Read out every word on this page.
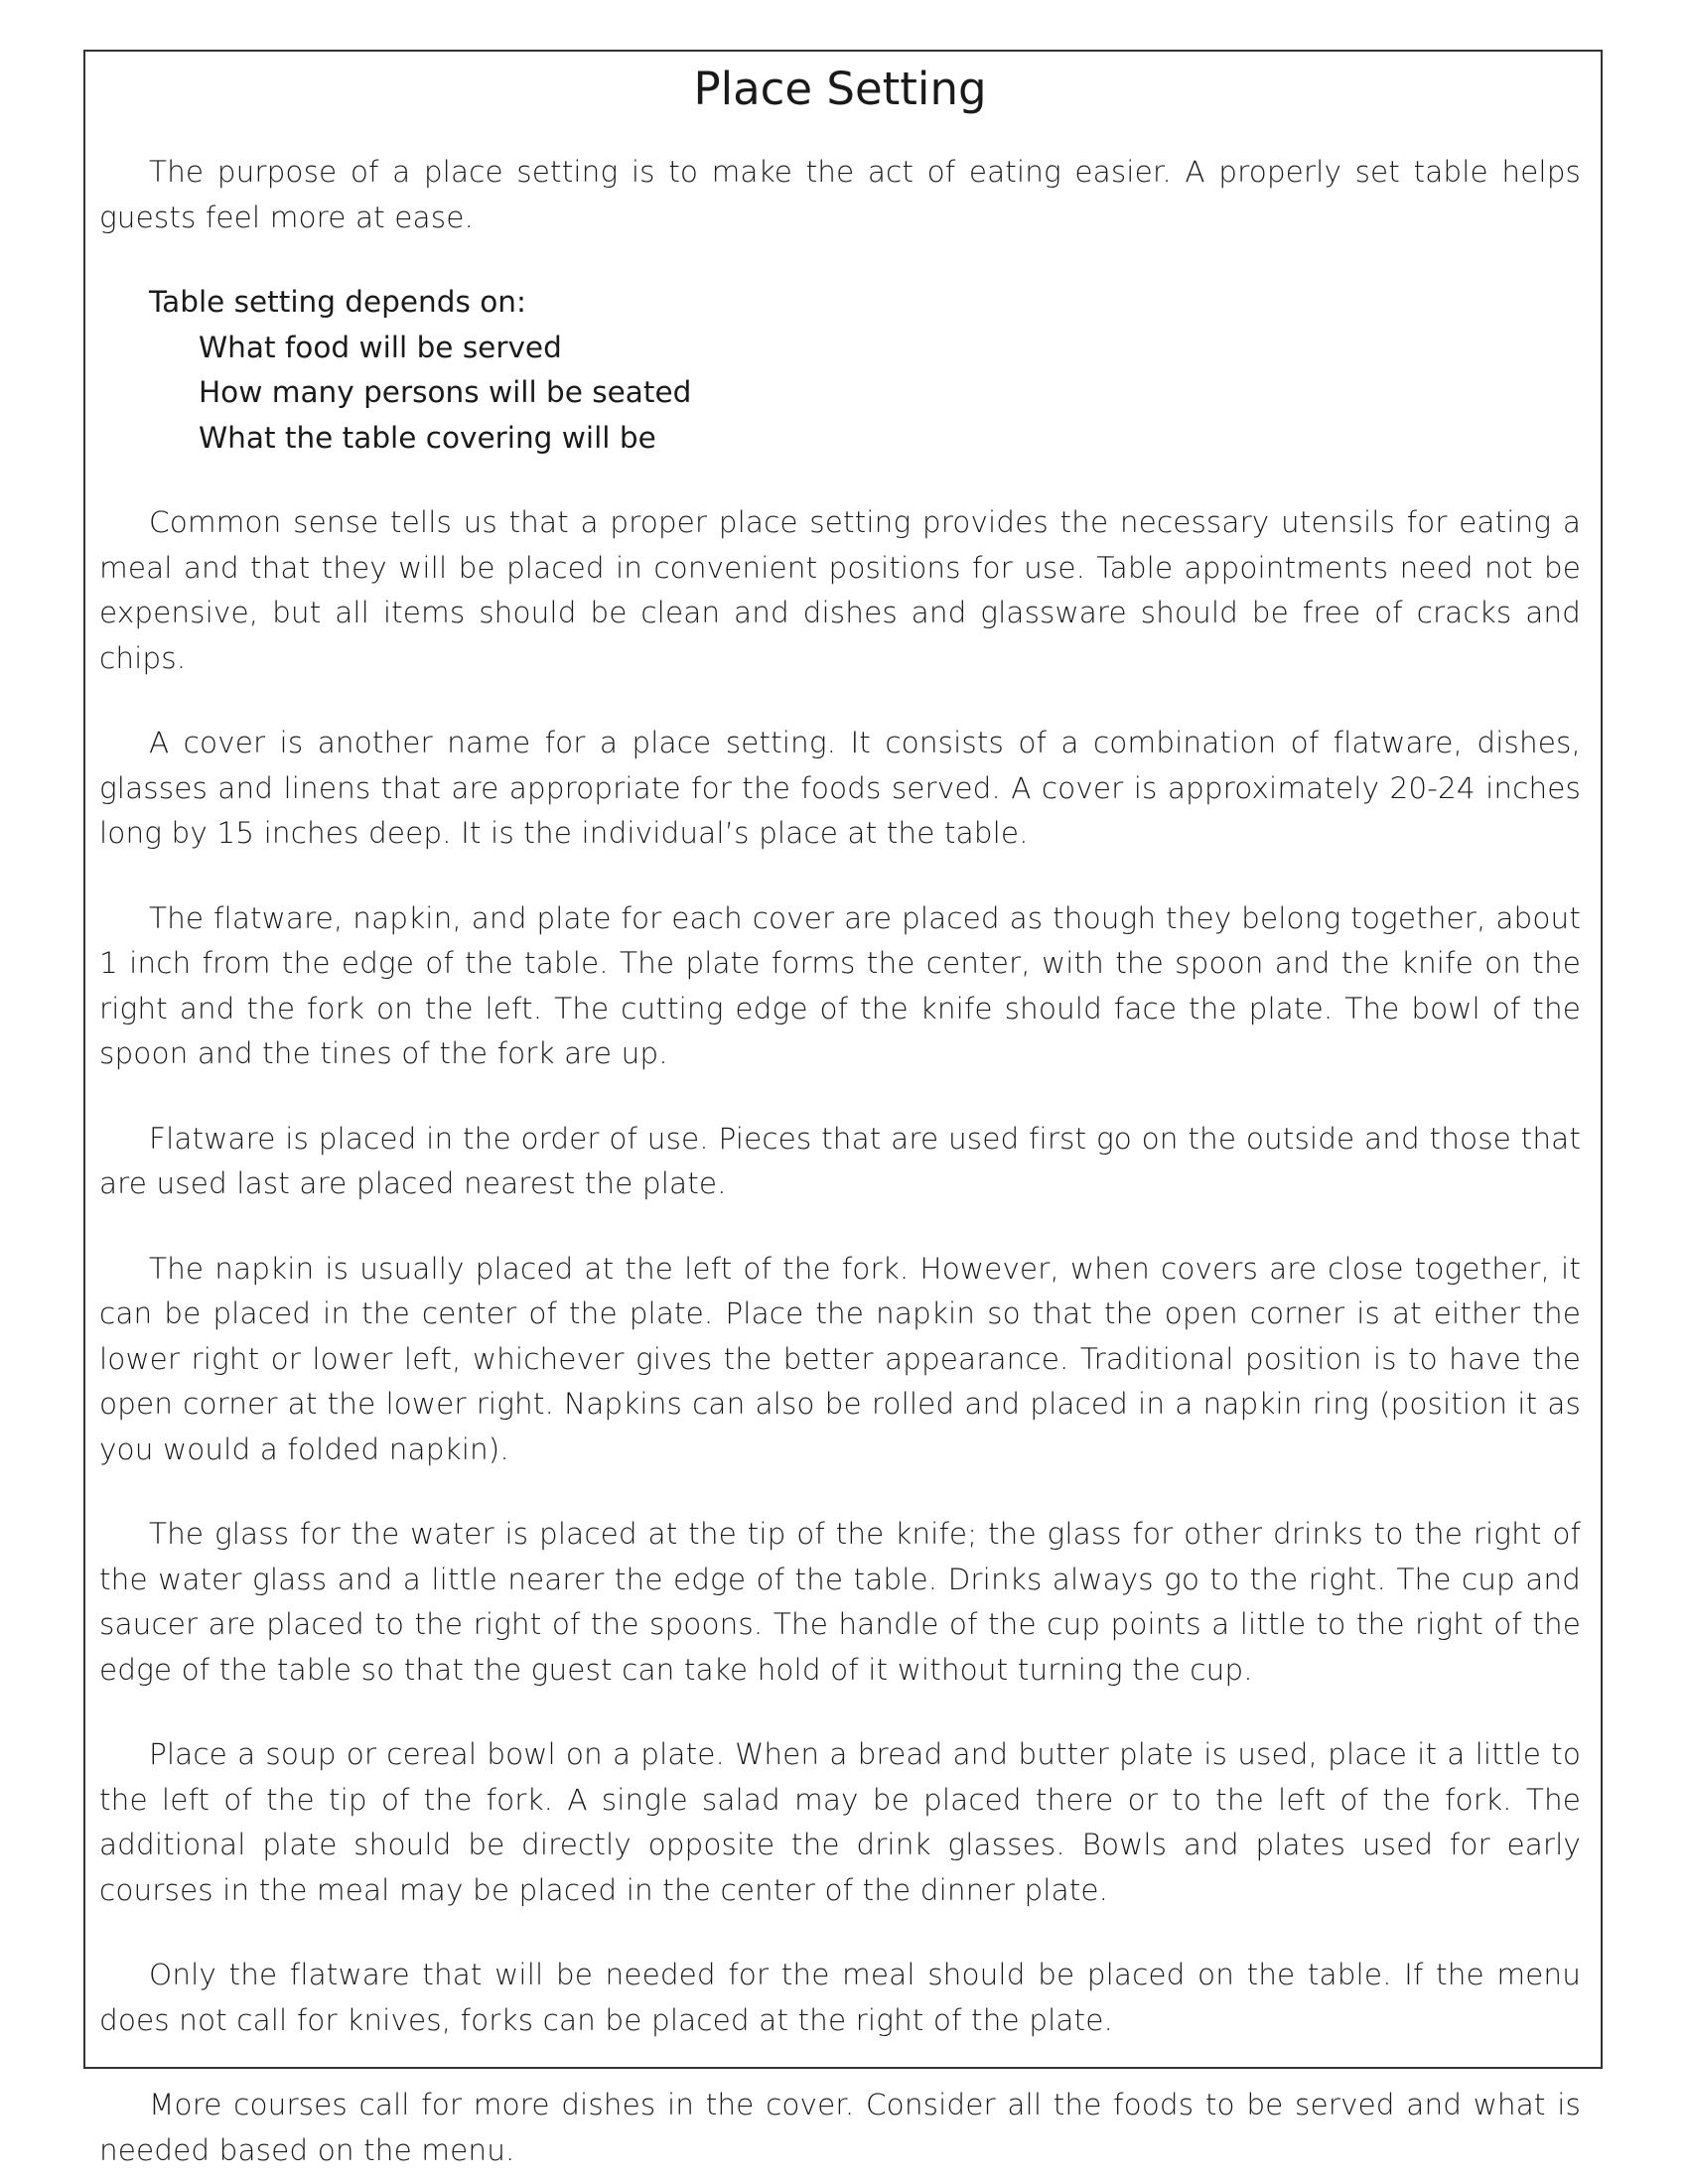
Place Setting

The purpose of a place setting is to make the act of eating easier. A properly set table helps guests feel more at ease.

Table setting depends on:
What food will be served
How many persons will be seated
What the table covering will be

Common sense tells us that a proper place setting provides the necessary utensils for eating a meal and that they will be placed in convenient positions for use. Table appointments need not be expensive, but all items should be clean and dishes and glassware should be free of cracks and chips.

A cover is another name for a place setting. It consists of a combination of flatware, dishes, glasses and linens that are appropriate for the foods served. A cover is approximately 20-24 inches long by 15 inches deep. It is the individual’s place at the table.

The flatware, napkin, and plate for each cover are placed as though they belong together, about 1 inch from the edge of the table. The plate forms the center, with the spoon and the knife on the right and the fork on the left. The cutting edge of the knife should face the plate. The bowl of the spoon and the tines of the fork are up.

Flatware is placed in the order of use. Pieces that are used first go on the outside and those that are used last are placed nearest the plate.

The napkin is usually placed at the left of the fork. However, when covers are close together, it can be placed in the center of the plate. Place the napkin so that the open corner is at either the lower right or lower left, whichever gives the better appearance. Traditional position is to have the open corner at the lower right. Napkins can also be rolled and placed in a napkin ring (position it as you would a folded napkin).

The glass for the water is placed at the tip of the knife; the glass for other drinks to the right of the water glass and a little nearer the edge of the table. Drinks always go to the right. The cup and saucer are placed to the right of the spoons. The handle of the cup points a little to the right of the edge of the table so that the guest can take hold of it without turning the cup.

Place a soup or cereal bowl on a plate. When a bread and butter plate is used, place it a little to the left of the tip of the fork. A single salad may be placed there or to the left of the fork. The additional plate should be directly opposite the drink glasses. Bowls and plates used for early courses in the meal may be placed in the center of the dinner plate.

Only the flatware that will be needed for the meal should be placed on the table. If the menu does not call for knives, forks can be placed at the right of the plate.

More courses call for more dishes in the cover. Consider all the foods to be served and what is needed based on the menu.
